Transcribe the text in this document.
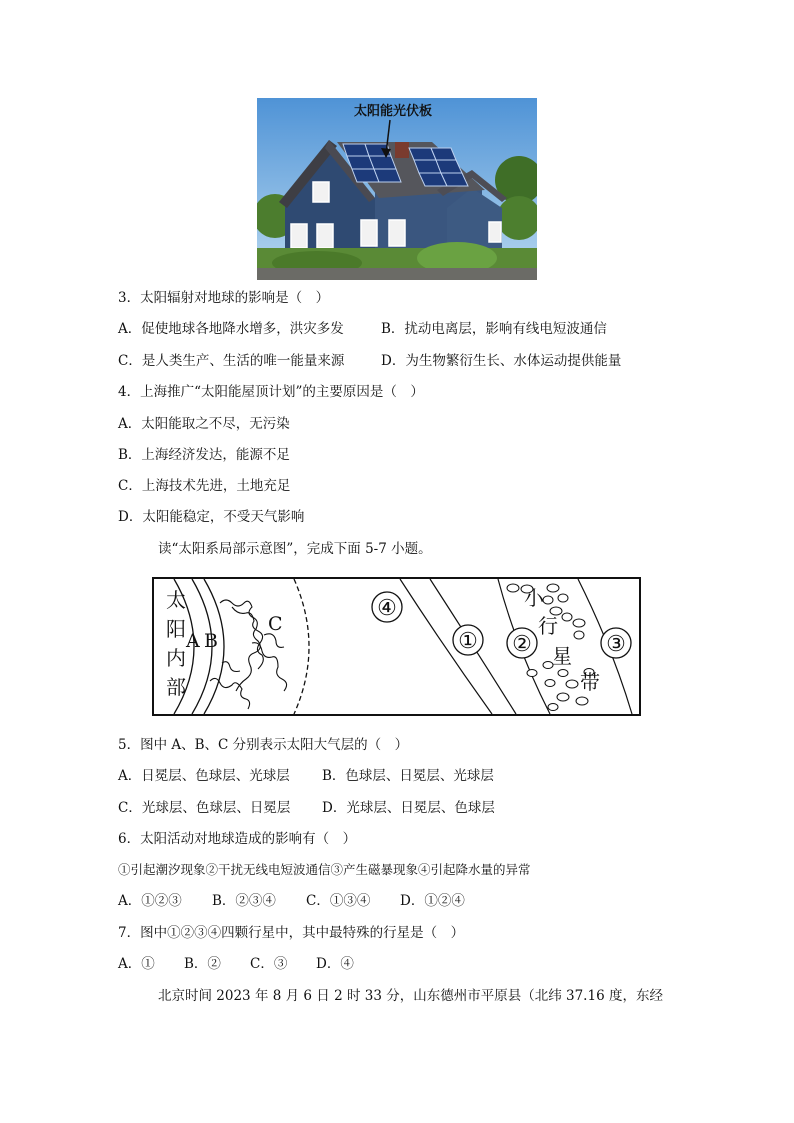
太阳能光伏板
3．太阳辐射对地球的影响是（　）
A．促使地球各地降水增多，洪灾多发	B．扰动电离层，影响有线电短波通信
C．是人类生产、生活的唯一能量来源	D．为生物繁衍生长、水体运动提供能量
4．上海推广“太阳能屋顶计划”的主要原因是（　）
A．太阳能取之不尽，无污染
B．上海经济发达，能源不足
C．上海技术先进，土地充足
D．太阳能稳定，不受天气影响
读“太阳系局部示意图”，完成下面 5-7 小题。
太
阳
内
部
A B
C
④
① ②	③
小
行
星
带
5．图中 A、B、C 分别表示太阳大气层的（　）
A．日冕层、色球层、光球层 B．色球层、日冕层、光球层
C．光球层、色球层、日冕层 D．光球层、日冕层、色球层
6．太阳活动对地球造成的影响有（　）
①引起潮汐现象②干扰无线电短波通信③产生磁暴现象④引起降水量的异常
A．①②③ B．②③④ C．①③④ D．①②④
7．图中①②③④四颗行星中，其中最特殊的行星是（　）
A．① B．② C．③ D．④
北京时间 2023 年 8 月 6 日 2 时 33 分，山东德州市平原县（北纬 37.16 度，东经
